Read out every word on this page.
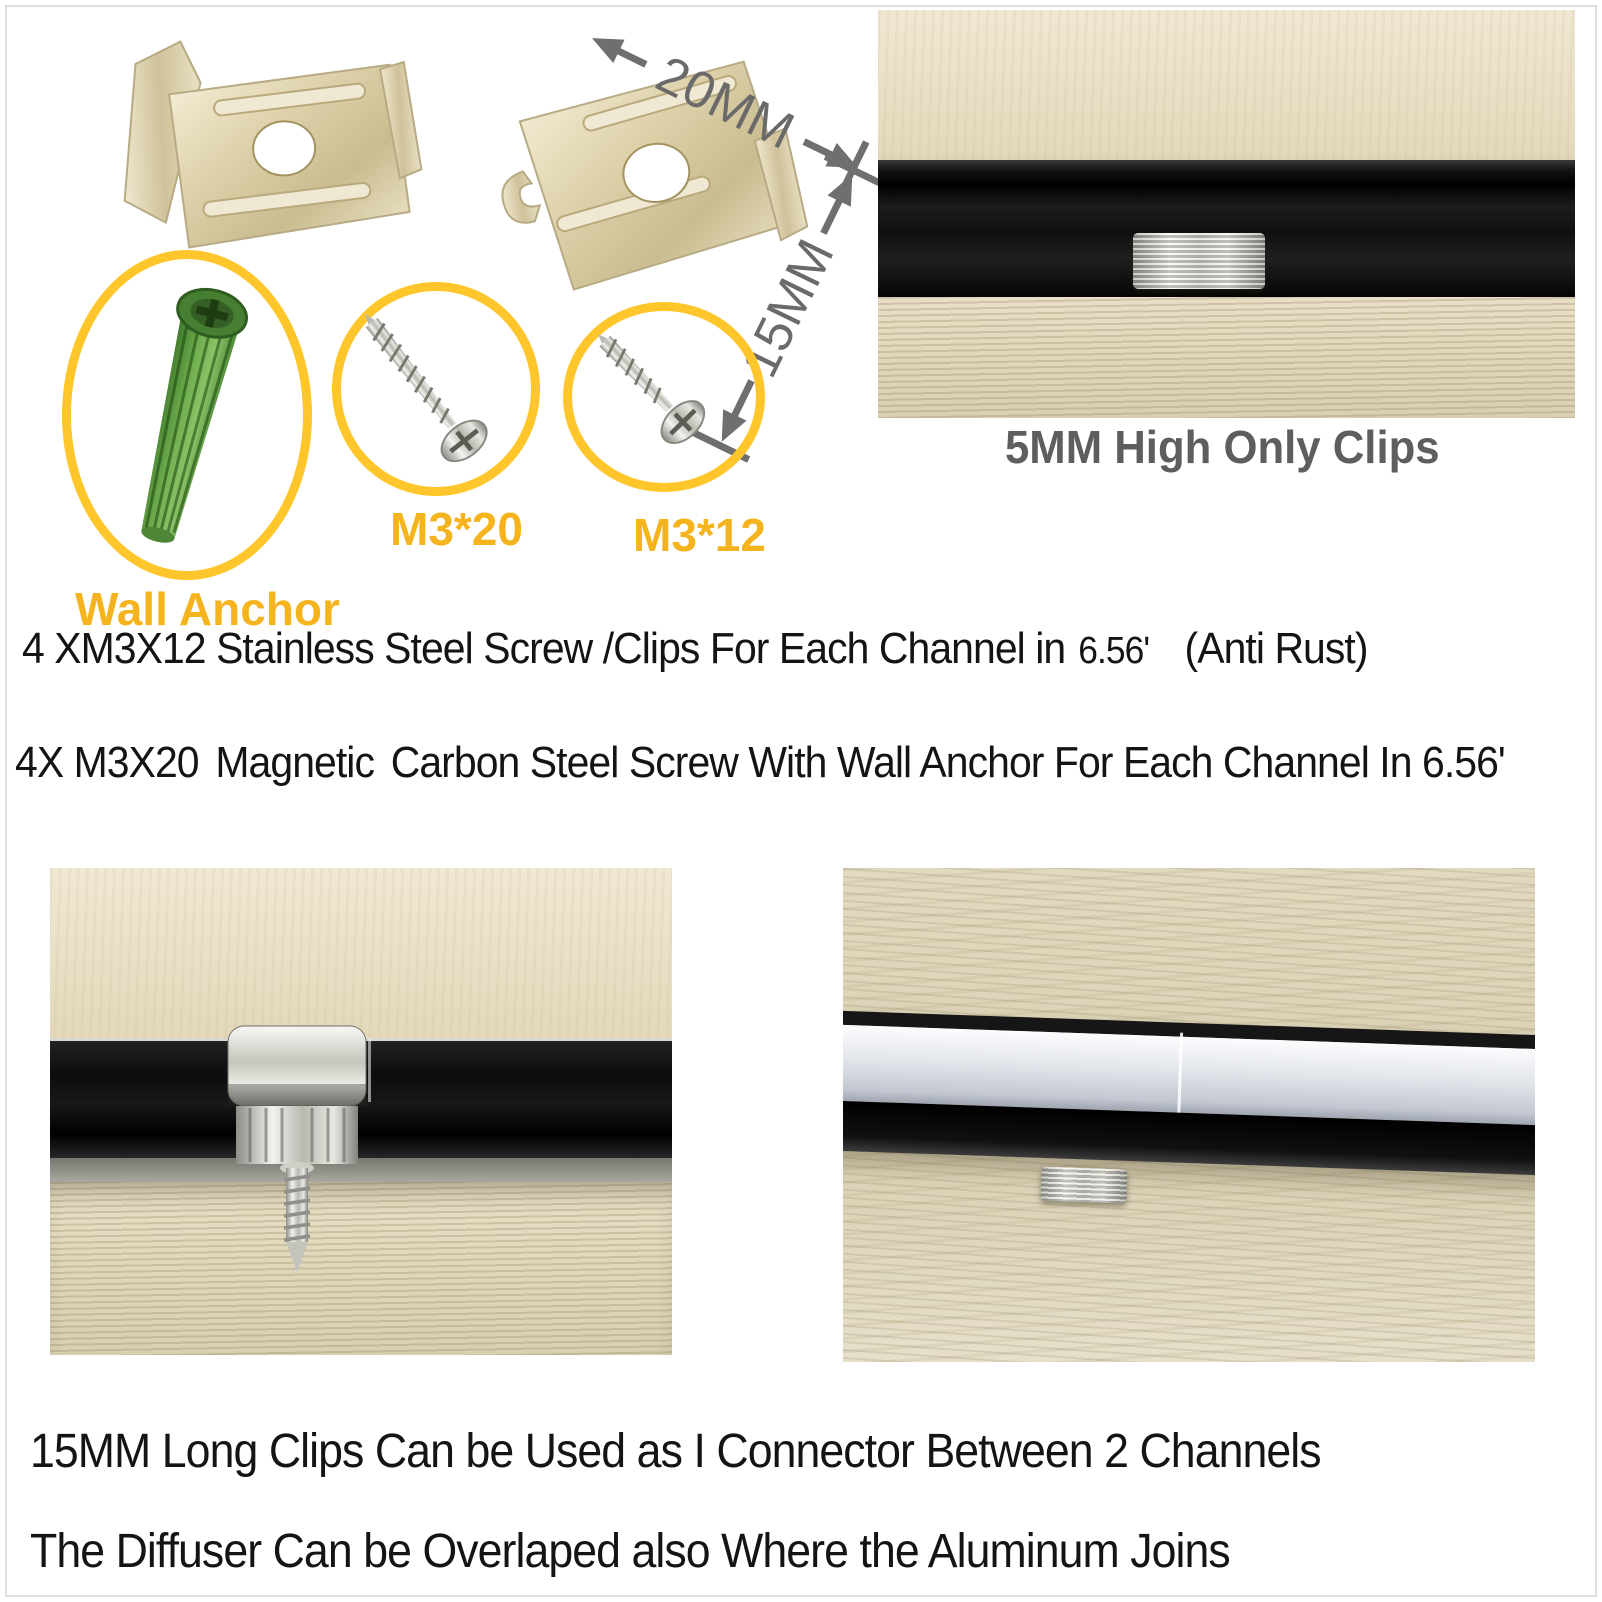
20MM
15MM
M3*20 M3*12
Wall Anchor
5MM High Only Clips
4 XM3X12 Stainless Steel Screw /Clips For Each Channel in 6.56' (Anti Rust)
4X M3X20 Magnetic Carbon Steel Screw With Wall Anchor For Each Channel In 6.56'
15MM Long Clips Can be Used as I Connector Between 2 Channels
The Diffuser Can be Overlaped also Where the Aluminum Joins
